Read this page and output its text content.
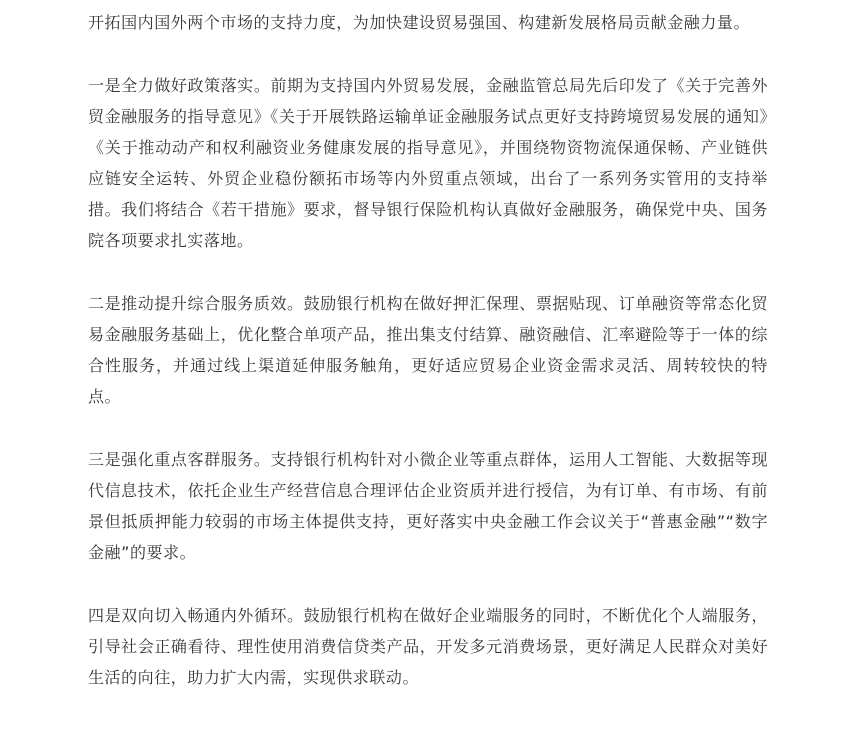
开拓国内国外两个市场的支持力度，为加快建设贸易强国、构建新发展格局贡献金融力量。

一是全力做好政策落实。前期为支持国内外贸易发展，金融监管总局先后印发了《关于完善外贸金融服务的指导意见》《关于开展铁路运输单证金融服务试点更好支持跨境贸易发展的通知》《关于推动动产和权利融资业务健康发展的指导意见》，并围绕物资物流保通保畅、产业链供应链安全运转、外贸企业稳份额拓市场等内外贸重点领域，出台了一系列务实管用的支持举措。我们将结合《若干措施》要求，督导银行保险机构认真做好金融服务，确保党中央、国务院各项要求扎实落地。

二是推动提升综合服务质效。鼓励银行机构在做好押汇保理、票据贴现、订单融资等常态化贸易金融服务基础上，优化整合单项产品，推出集支付结算、融资融信、汇率避险等于一体的综合性服务，并通过线上渠道延伸服务触角，更好适应贸易企业资金需求灵活、周转较快的特点。

三是强化重点客群服务。支持银行机构针对小微企业等重点群体，运用人工智能、大数据等现代信息技术，依托企业生产经营信息合理评估企业资质并进行授信，为有订单、有市场、有前景但抵质押能力较弱的市场主体提供支持，更好落实中央金融工作会议关于“普惠金融”“数字金融”的要求。

四是双向切入畅通内外循环。鼓励银行机构在做好企业端服务的同时，不断优化个人端服务，引导社会正确看待、理性使用消费信贷类产品，开发多元消费场景，更好满足人民群众对美好生活的向往，助力扩大内需，实现供求联动。
